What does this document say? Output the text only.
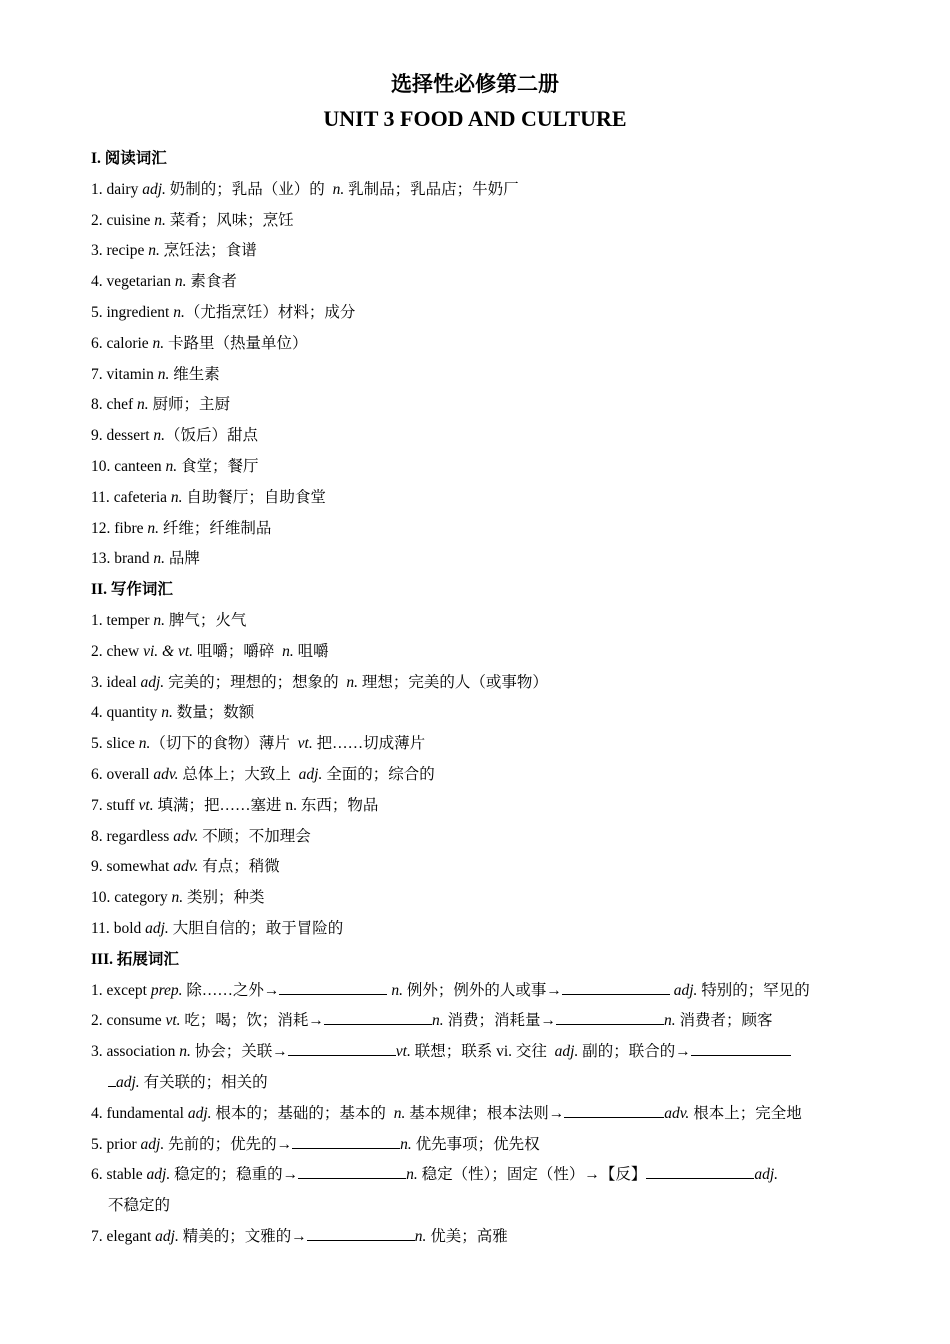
选择性必修第二册
UNIT 3 FOOD AND CULTURE

I. 阅读词汇

1. dairy adj. 奶制的；乳品（业）的 n. 乳制品；乳品店；牛奶厂

2. cuisine n. 菜肴；风味；烹饪

3. recipe n. 烹饪法；食谱

4. vegetarian n. 素食者

5. ingredient n.（尤指烹饪）材料；成分

6. calorie n. 卡路里（热量单位）

7. vitamin n. 维生素

8. chef n. 厨师；主厨

9. dessert n.（饭后）甜点

10. canteen n. 食堂；餐厅

11. cafeteria n. 自助餐厅；自助食堂

12. fibre n. 纤维；纤维制品

13. brand n. 品牌

II. 写作词汇

1. temper n. 脾气；火气

2. chew vi. & vt. 咀嚼；嚼碎 n. 咀嚼

3. ideal adj. 完美的；理想的；想象的 n. 理想；完美的人（或事物）

4. quantity n. 数量；数额

5. slice n.（切下的食物）薄片 vt. 把……切成薄片

6. overall adv. 总体上；大致上 adj. 全面的；综合的

7. stuff vt. 填满；把……塞进 n. 东西；物品

8. regardless adv. 不顾；不加理会

9. somewhat adv. 有点；稍微

10. category n. 类别；种类

11. bold adj. 大胆自信的；敢于冒险的

III. 拓展词汇

1. except prep. 除……之外→	n. 例外；例外的人或事→	adj. 特别的；罕见的

2. consume vt. 吃；喝；饮；消耗→	n. 消费；消耗量→	n. 消费者；顾客

3. association n. 协会；关联→	vt. 联想；联系 vi. 交往 adj. 副的；联合的→

adj. 有关联的；相关的

4. fundamental adj. 根本的；基础的；基本的 n. 基本规律；根本法则→	adv. 根本上；完全地

5. prior adj. 先前的；优先的→	n. 优先事项；优先权

6. stable adj. 稳定的；稳重的→	n. 稳定（性）；固定（性）→【反】	adj.

不稳定的

7. elegant adj. 精美的；文雅的→	n. 优美；高雅
